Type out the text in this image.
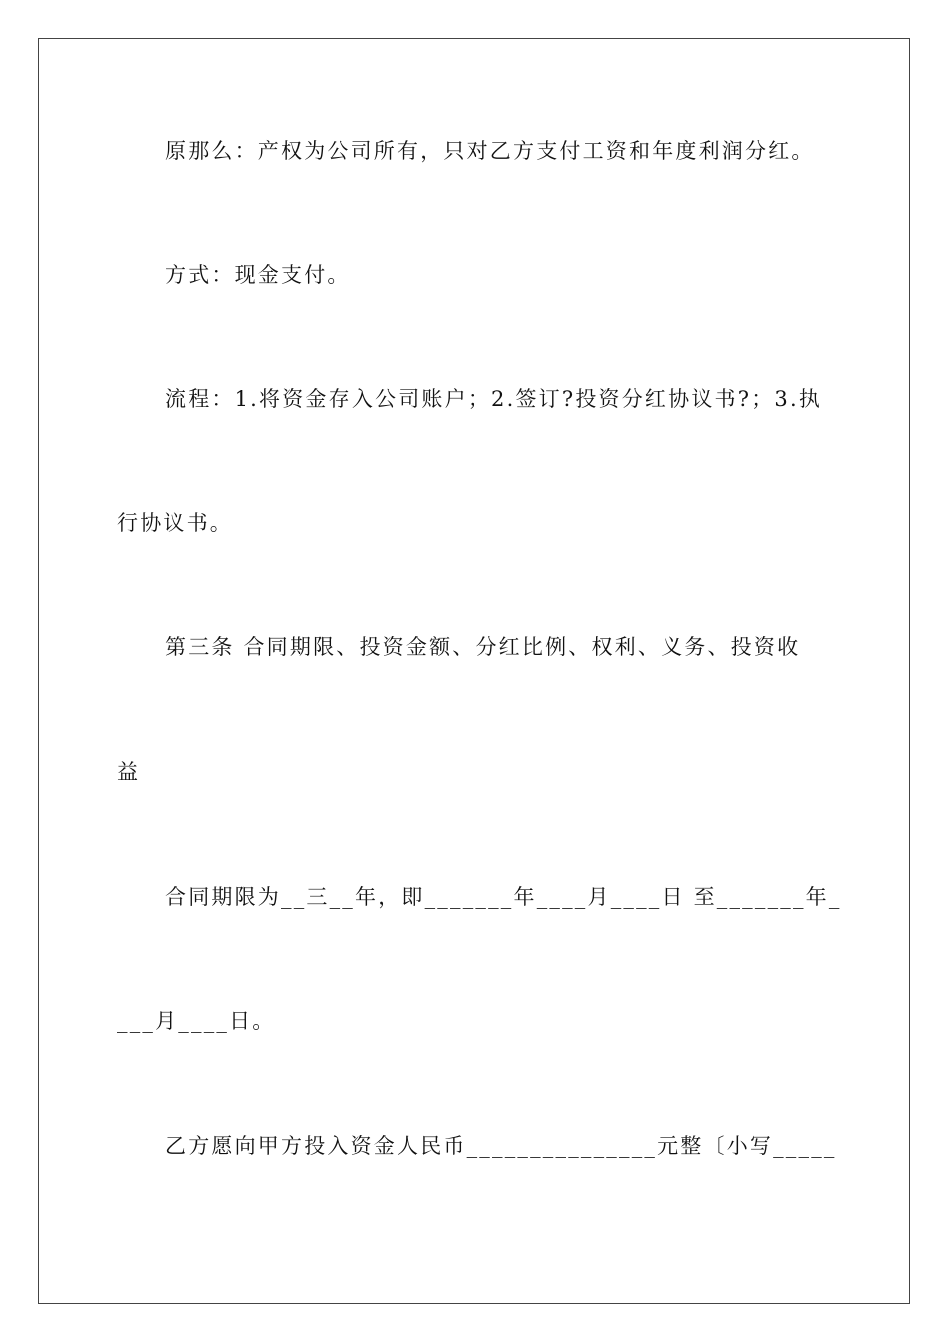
原那么：产权为公司所有，只对乙方支付工资和年度利润分红。
方式：现金支付。
流程：1.将资金存入公司账户；2.签订?投资分红协议书?；3.执
行协议书。
第三条 合同期限、投资金额、分红比例、权利、义务、投资收
益
合同期限为__三__年，即_______年____月____日 至_______年_
___月____日。
乙方愿向甲方投入资金人民币_______________元整〔小写_____
